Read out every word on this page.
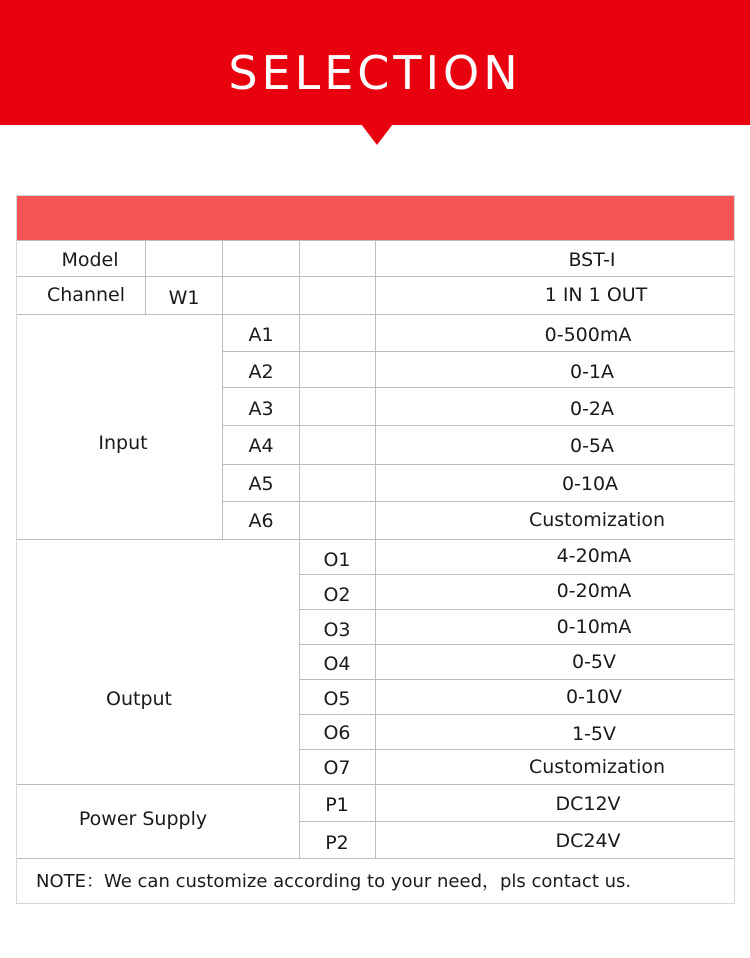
SELECTION
Model	BST-I
Channel W1	1 IN 1 OUT
Input
A1	0-500mA
A2	0-1A
A3	0-2A
A4	0-5A
A5	0-10A
A6	Customization
Output
O1	4-20mA
O2	0-20mA
O3	0-10mA
O4	0-5V
O5	0-10V
O6	1-5V
O7	Customization
Power Supply
P1	DC12V
P2	DC24V
NOTE：We can customize according to your need，pls contact us.
